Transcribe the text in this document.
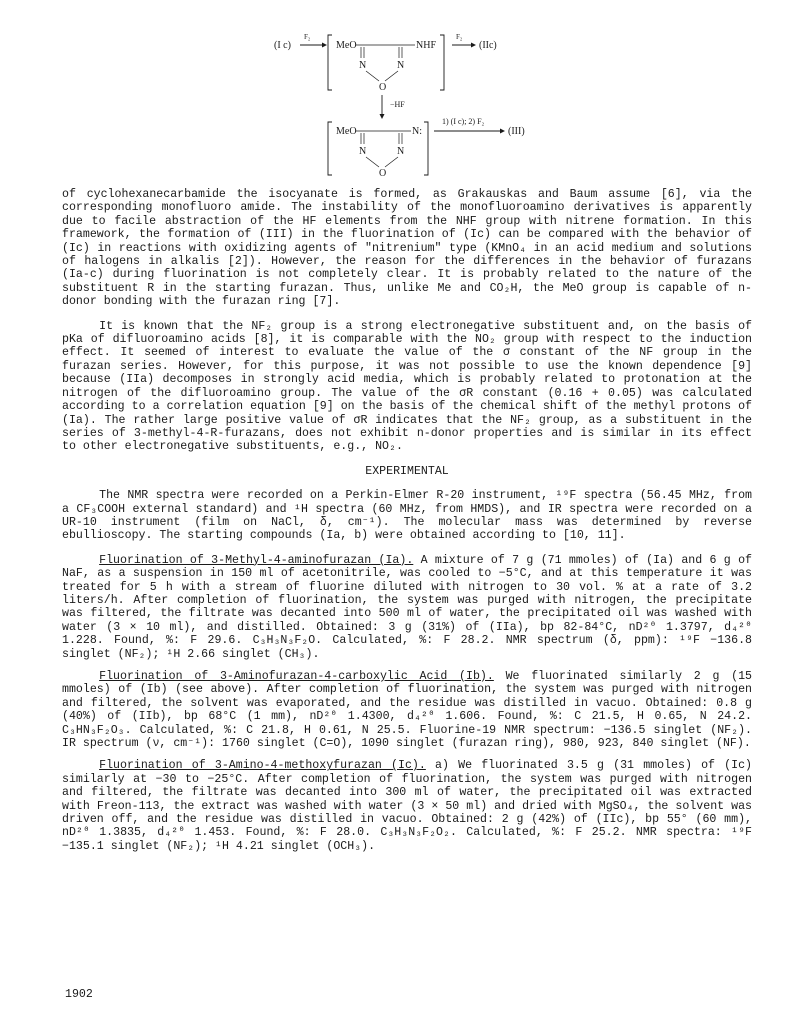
(I c)
F₂
MeO	NHF
N	N
O
F₂
(IIc)
−HF
MeO	N:
N	N
O
1) (I c); 2) F₂
(III)

of cyclohexanecarbamide the isocyanate is formed, as Grakauskas and Baum assume [6], via the corresponding monofluoro amide. The instability of the monofluoroamino derivatives is apparently due to facile abstraction of the HF elements from the NHF group with nitrene formation. In this framework, the formation of (III) in the fluorination of (Ic) can be compared with the behavior of (Ic) in reactions with oxidizing agents of "nitrenium" type (KMnO₄ in an acid medium and solutions of halogens in alkalis [2]). However, the reason for the differences in the behavior of furazans (Ia-c) during fluorination is not completely clear. It is probably related to the nature of the substituent R in the starting furazan. Thus, unlike Me and CO₂H, the MeO group is capable of n-donor bonding with the furazan ring [7].

It is known that the NF₂ group is a strong electronegative substituent and, on the basis of pKa of difluoroamino acids [8], it is comparable with the NO₂ group with respect to the induction effect. It seemed of interest to evaluate the value of the σ constant of the NF group in the furazan series. However, for this purpose, it was not possible to use the known dependence [9] because (IIa) decomposes in strongly acid media, which is probably related to protonation at the nitrogen of the difluoroamino group. The value of the σR constant (0.16 + 0.05) was calculated according to a correlation equation [9] on the basis of the chemical shift of the methyl protons of (Ia). The rather large positive value of σR indicates that the NF₂ group, as a substituent in the series of 3-methyl-4-R-furazans, does not exhibit n-donor properties and is similar in its effect to other electronegative substituents, e.g., NO₂.

EXPERIMENTAL

The NMR spectra were recorded on a Perkin-Elmer R-20 instrument, ¹⁹F spectra (56.45 MHz, from a CF₃COOH external standard) and ¹H spectra (60 MHz, from HMDS), and IR spectra were recorded on a UR-10 instrument (film on NaCl, δ, cm⁻¹). The molecular mass was determined by reverse ebullioscopy. The starting compounds (Ia, b) were obtained according to [10, 11].

Fluorination of 3-Methyl-4-aminofurazan (Ia). A mixture of 7 g (71 mmoles) of (Ia) and 6 g of NaF, as a suspension in 150 ml of acetonitrile, was cooled to −5°C, and at this temperature it was treated for 5 h with a stream of fluorine diluted with nitrogen to 30 vol. % at a rate of 3.2 liters/h. After completion of fluorination, the system was purged with nitrogen, the precipitate was filtered, the filtrate was decanted into 500 ml of water, the precipitated oil was washed with water (3 × 10 ml), and distilled. Obtained: 3 g (31%) of (IIa), bp 82-84°C, nD²⁰ 1.3797, d₄²⁰ 1.228. Found, %: F 29.6. C₃H₃N₃F₂O. Calculated, %: F 28.2. NMR spectrum (δ, ppm): ¹⁹F −136.8 singlet (NF₂); ¹H 2.66 singlet (CH₃).

Fluorination of 3-Aminofurazan-4-carboxylic Acid (Ib). We fluorinated similarly 2 g (15 mmoles) of (Ib) (see above). After completion of fluorination, the system was purged with nitrogen and filtered, the solvent was evaporated, and the residue was distilled in vacuo. Obtained: 0.8 g (40%) of (IIb), bp 68°C (1 mm), nD²⁰ 1.4300, d₄²⁰ 1.606. Found, %: C 21.5, H 0.65, N 24.2. C₃HN₃F₂O₃. Calculated, %: C 21.8, H 0.61, N 25.5. Fluorine-19 NMR spectrum: −136.5 singlet (NF₂). IR spectrum (ν, cm⁻¹): 1760 singlet (C=O), 1090 singlet (furazan ring), 980, 923, 840 singlet (NF).

Fluorination of 3-Amino-4-methoxyfurazan (Ic). a) We fluorinated 3.5 g (31 mmoles) of (Ic) similarly at −30 to −25°C. After completion of fluorination, the system was purged with nitrogen and filtered, the filtrate was decanted into 300 ml of water, the precipitated oil was extracted with Freon-113, the extract was washed with water (3 × 50 ml) and dried with MgSO₄, the solvent was driven off, and the residue was distilled in vacuo. Obtained: 2 g (42%) of (IIc), bp 55° (60 mm), nD²⁰ 1.3835, d₄²⁰ 1.453. Found, %: F 28.0. C₃H₃N₃F₂O₂. Calculated, %: F 25.2. NMR spectra: ¹⁹F −135.1 singlet (NF₂); ¹H 4.21 singlet (OCH₃).

1902
